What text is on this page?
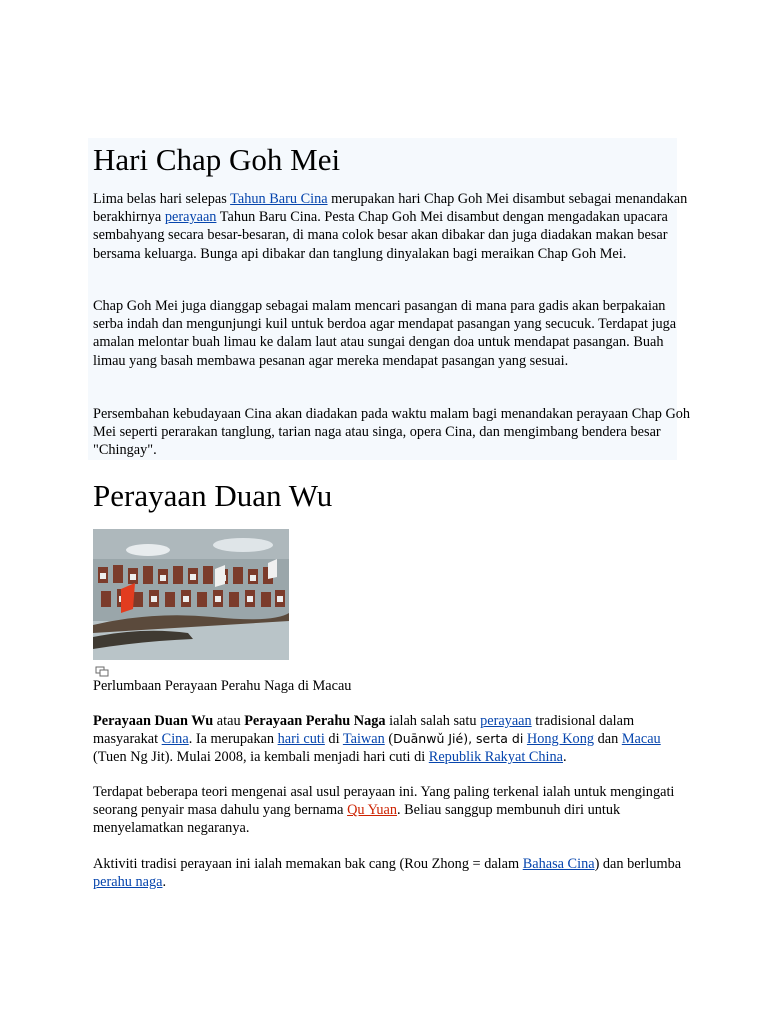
Hari Chap Goh Mei

Lima belas hari selepas Tahun Baru Cina merupakan hari Chap Goh Mei disambut sebagai menandakan berakhirnya perayaan Tahun Baru Cina. Pesta Chap Goh Mei disambut dengan mengadakan upacara sembahyang secara besar-besaran, di mana colok besar akan dibakar dan juga diadakan makan besar bersama keluarga. Bunga api dibakar dan tanglung dinyalakan bagi meraikan Chap Goh Mei.

Chap Goh Mei juga dianggap sebagai malam mencari pasangan di mana para gadis akan berpakaian serba indah dan mengunjungi kuil untuk berdoa agar mendapat pasangan yang secucuk. Terdapat juga amalan melontar buah limau ke dalam laut atau sungai dengan doa untuk mendapat pasangan. Buah limau yang basah membawa pesanan agar mereka mendapat pasangan yang sesuai.

Persembahan kebudayaan Cina akan diadakan pada waktu malam bagi menandakan perayaan Chap Goh Mei seperti perarakan tanglung, tarian naga atau singa, opera Cina, dan mengimbang bendera besar "Chingay".

Perayaan Duan Wu
Perlumbaan Perayaan Perahu Naga di Macau

Perayaan Duan Wu atau Perayaan Perahu Naga ialah salah satu perayaan tradisional dalam masyarakat Cina. Ia merupakan hari cuti di Taiwan (Duānwǔ Jié), serta di Hong Kong dan Macau (Tuen Ng Jit). Mulai 2008, ia kembali menjadi hari cuti di Republik Rakyat China.

Terdapat beberapa teori mengenai asal usul perayaan ini. Yang paling terkenal ialah untuk mengingati seorang penyair masa dahulu yang bernama Qu Yuan. Beliau sanggup membunuh diri untuk menyelamatkan negaranya.

Aktiviti tradisi perayaan ini ialah memakan bak cang (Rou Zhong = dalam Bahasa Cina) dan berlumba perahu naga.
